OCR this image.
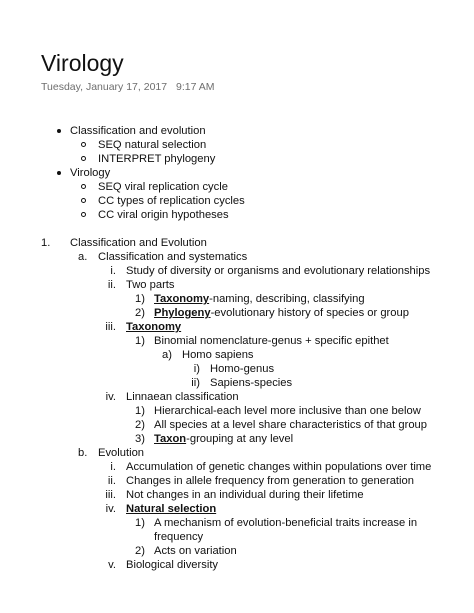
Virology
Tuesday, January 17, 2017 9:17 AM
Classification and evolution
SEQ natural selection
INTERPRET phylogeny
Virology
SEQ viral replication cycle
CC types of replication cycles
CC viral origin hypotheses
1. Classification and Evolution
a. Classification and systematics
i. Study of diversity or organisms and evolutionary relationships
ii. Two parts
1) Taxonomy-naming, describing, classifying
2) Phylogeny-evolutionary history of species or group
iii. Taxonomy
1) Binomial nomenclature-genus + specific epithet
a) Homo sapiens
i) Homo-genus
ii) Sapiens-species
iv. Linnaean classification
1) Hierarchical-each level more inclusive than one below
2) All species at a level share characteristics of that group
3) Taxon-grouping at any level
b. Evolution
i. Accumulation of genetic changes within populations over time
ii. Changes in allele frequency from generation to generation
iii. Not changes in an individual during their lifetime
iv. Natural selection
1) A mechanism of evolution-beneficial traits increase in
frequency
2) Acts on variation
v. Biological diversity
